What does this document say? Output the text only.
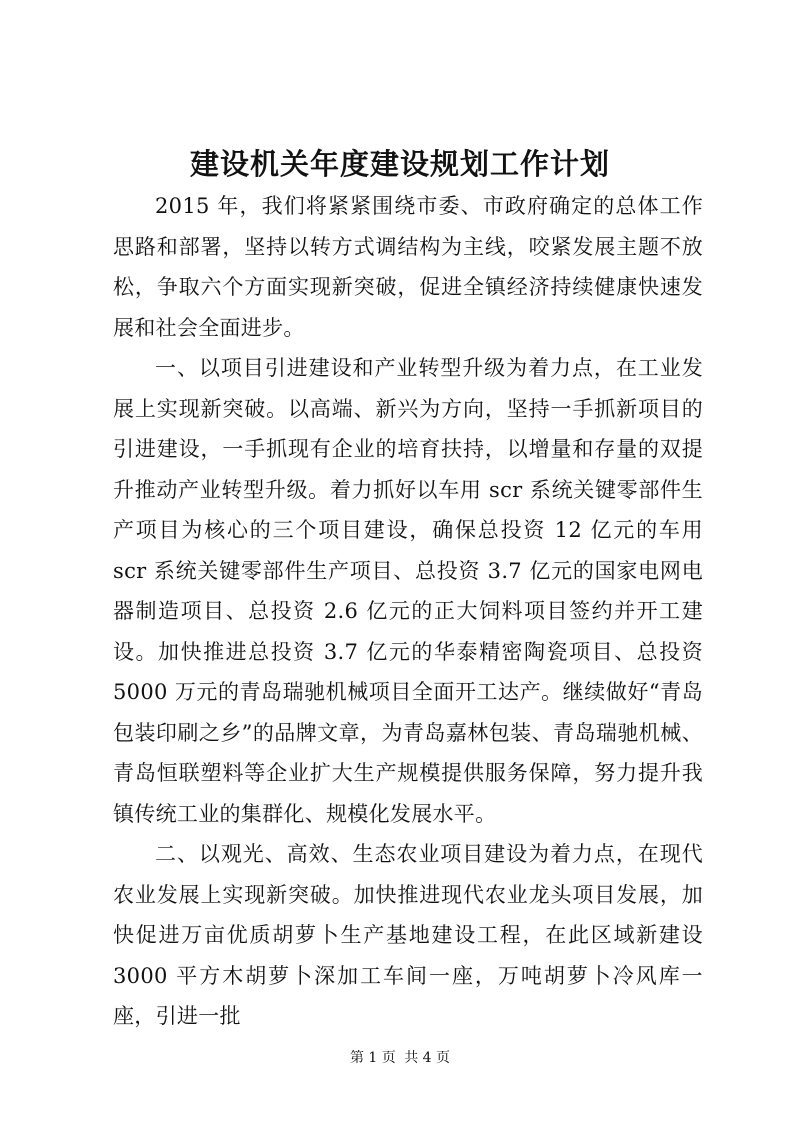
建设机关年度建设规划工作计划

2015 年，我们将紧紧围绕市委、市政府确定的总体工作思路和部署，坚持以转方式调结构为主线，咬紧发展主题不放松，争取六个方面实现新突破，促进全镇经济持续健康快速发展和社会全面进步。

一、以项目引进建设和产业转型升级为着力点，在工业发展上实现新突破。以高端、新兴为方向，坚持一手抓新项目的引进建设，一手抓现有企业的培育扶持，以增量和存量的双提升推动产业转型升级。着力抓好以车用 scr 系统关键零部件生产项目为核心的三个项目建设，确保总投资 12 亿元的车用 scr 系统关键零部件生产项目、总投资 3.7 亿元的国家电网电器制造项目、总投资 2.6 亿元的正大饲料项目签约并开工建设。加快推进总投资 3.7 亿元的华泰精密陶瓷项目、总投资 5000 万元的青岛瑞驰机械项目全面开工达产。继续做好“青岛包装印刷之乡”的品牌文章，为青岛嘉林包装、青岛瑞驰机械、青岛恒联塑料等企业扩大生产规模提供服务保障，努力提升我镇传统工业的集群化、规模化发展水平。

二、以观光、高效、生态农业项目建设为着力点，在现代农业发展上实现新突破。加快推进现代农业龙头项目发展，加快促进万亩优质胡萝卜生产基地建设工程，在此区域新建设 3000 平方木胡萝卜深加工车间一座，万吨胡萝卜冷风库一座，引进一批

第 1 页 共 4 页
